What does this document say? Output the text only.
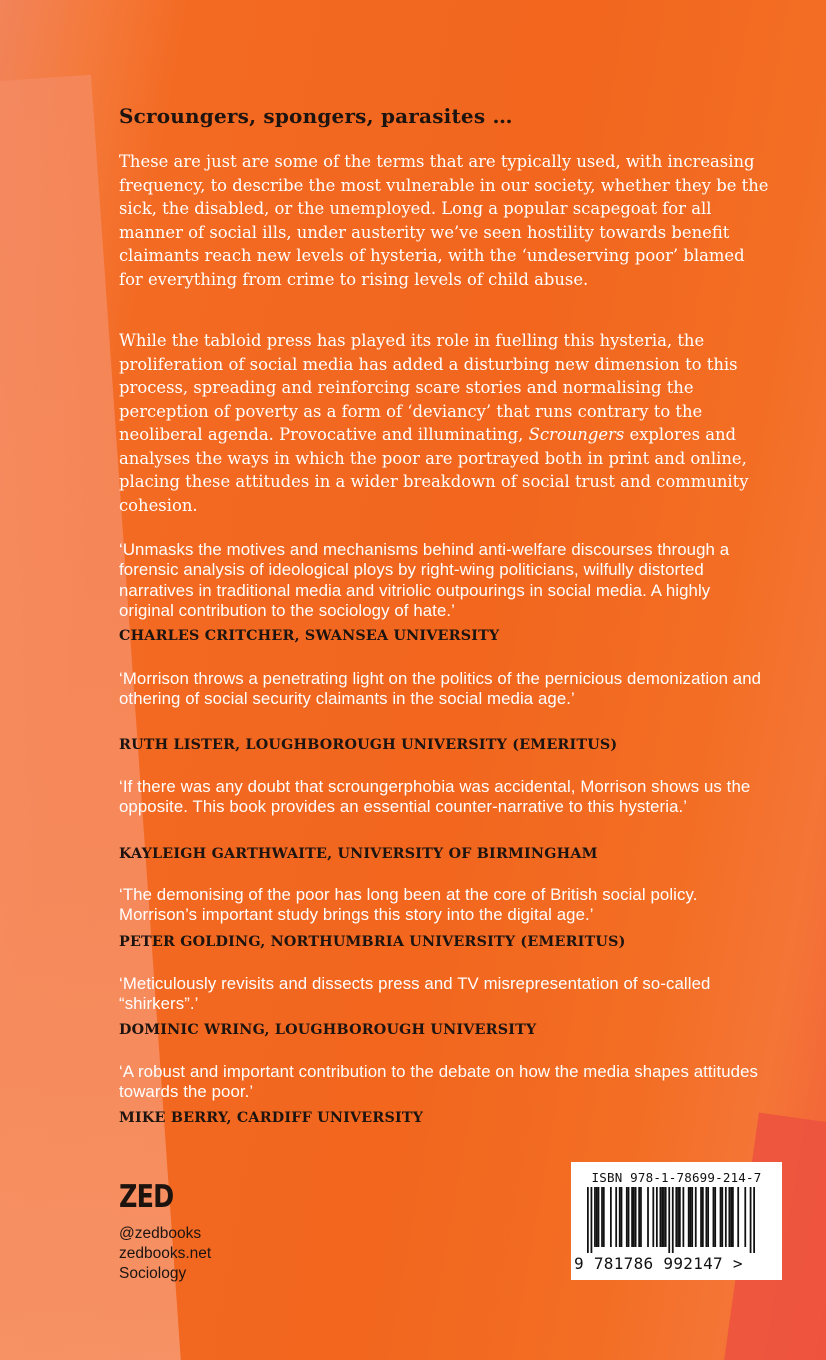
Scroungers, spongers, parasites …

These are just are some of the terms that are typically used, with increasing frequency, to describe the most vulnerable in our society, whether they be the sick, the disabled, or the unemployed. Long a popular scapegoat for all manner of social ills, under austerity we’ve seen hostility towards benefit claimants reach new levels of hysteria, with the ‘undeserving poor’ blamed for everything from crime to rising levels of child abuse.

While the tabloid press has played its role in fuelling this hysteria, the proliferation of social media has added a disturbing new dimension to this process, spreading and reinforcing scare stories and normalising the perception of poverty as a form of ‘deviancy’ that runs contrary to the neoliberal agenda. Provocative and illuminating, Scroungers explores and analyses the ways in which the poor are portrayed both in print and online, placing these attitudes in a wider breakdown of social trust and community cohesion.

‘Unmasks the motives and mechanisms behind anti-welfare discourses through a forensic analysis of ideological ploys by right-wing politicians, wilfully distorted narratives in traditional media and vitriolic outpourings in social media. A highly original contribution to the sociology of hate.’

CHARLES CRITCHER, SWANSEA UNIVERSITY

‘Morrison throws a penetrating light on the politics of the pernicious demonization and othering of social security claimants in the social media age.’

RUTH LISTER, LOUGHBOROUGH UNIVERSITY (EMERITUS)

‘If there was any doubt that scroungerphobia was accidental, Morrison shows us the opposite. This book provides an essential counter-narrative to this hysteria.’

KAYLEIGH GARTHWAITE, UNIVERSITY OF BIRMINGHAM

‘The demonising of the poor has long been at the core of British social policy. Morrison’s important study brings this story into the digital age.’

PETER GOLDING, NORTHUMBRIA UNIVERSITY (EMERITUS)

‘Meticulously revisits and dissects press and TV misrepresentation of so-called “shirkers”.’

DOMINIC WRING, LOUGHBOROUGH UNIVERSITY

‘A robust and important contribution to the debate on how the media shapes attitudes towards the poor.’

MIKE BERRY, CARDIFF UNIVERSITY

ZED
@zedbooks
zedbooks.net
Sociology
ISBN 978-1-78699-214-7
9 781786 992147 >
